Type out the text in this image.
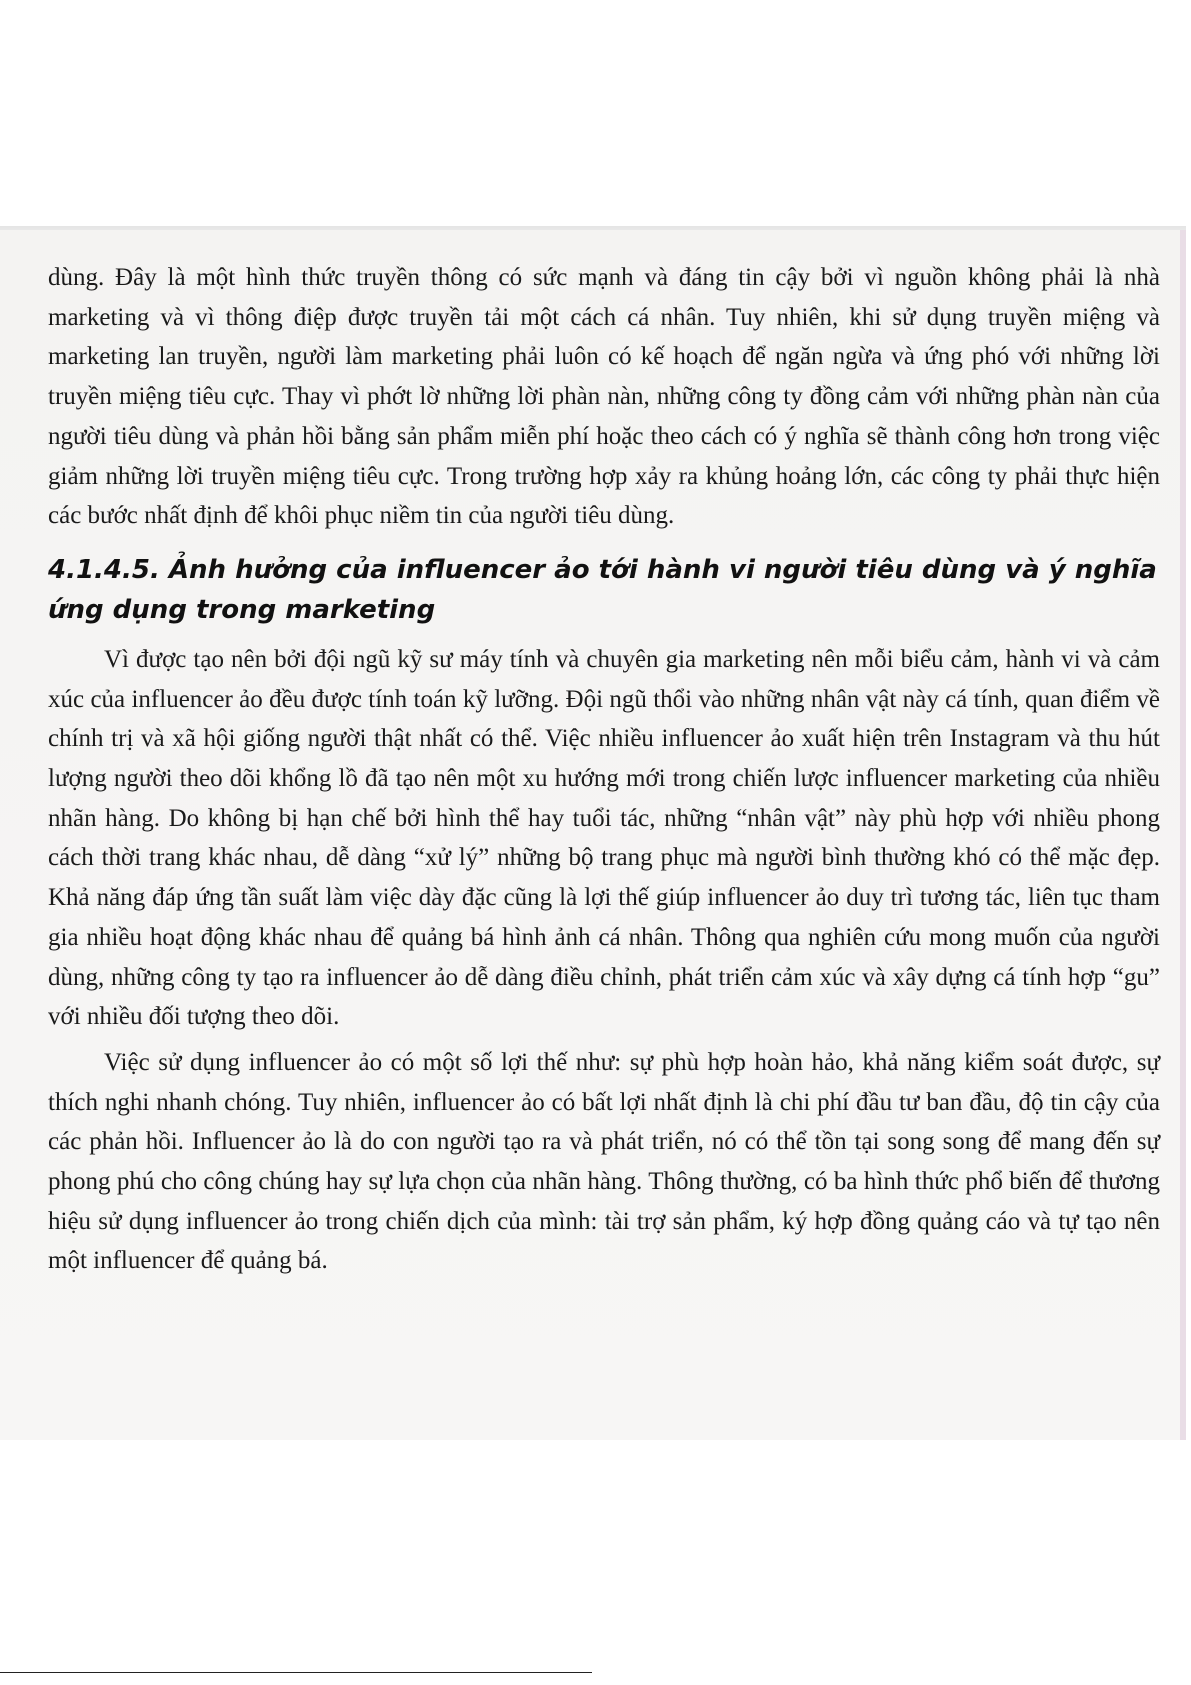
dùng. Đây là một hình thức truyền thông có sức mạnh và đáng tin cậy bởi vì nguồn không phải là nhà marketing và vì thông điệp được truyền tải một cách cá nhân. Tuy nhiên, khi sử dụng truyền miệng và marketing lan truyền, người làm marketing phải luôn có kế hoạch để ngăn ngừa và ứng phó với những lời truyền miệng tiêu cực. Thay vì phớt lờ những lời phàn nàn, những công ty đồng cảm với những phàn nàn của người tiêu dùng và phản hồi bằng sản phẩm miễn phí hoặc theo cách có ý nghĩa sẽ thành công hơn trong việc giảm những lời truyền miệng tiêu cực. Trong trường hợp xảy ra khủng hoảng lớn, các công ty phải thực hiện các bước nhất định để khôi phục niềm tin của người tiêu dùng.

4.1.4.5. Ảnh hưởng của influencer ảo tới hành vi người tiêu dùng và ý nghĩa ứng dụng trong marketing

Vì được tạo nên bởi đội ngũ kỹ sư máy tính và chuyên gia marketing nên mỗi biểu cảm, hành vi và cảm xúc của influencer ảo đều được tính toán kỹ lưỡng. Đội ngũ thổi vào những nhân vật này cá tính, quan điểm về chính trị và xã hội giống người thật nhất có thể. Việc nhiều influencer ảo xuất hiện trên Instagram và thu hút lượng người theo dõi khổng lồ đã tạo nên một xu hướng mới trong chiến lược influencer marketing của nhiều nhãn hàng. Do không bị hạn chế bởi hình thể hay tuổi tác, những “nhân vật” này phù hợp với nhiều phong cách thời trang khác nhau, dễ dàng “xử lý” những bộ trang phục mà người bình thường khó có thể mặc đẹp. Khả năng đáp ứng tần suất làm việc dày đặc cũng là lợi thế giúp influencer ảo duy trì tương tác, liên tục tham gia nhiều hoạt động khác nhau để quảng bá hình ảnh cá nhân. Thông qua nghiên cứu mong muốn của người dùng, những công ty tạo ra influencer ảo dễ dàng điều chỉnh, phát triển cảm xúc và xây dựng cá tính hợp “gu” với nhiều đối tượng theo dõi.

Việc sử dụng influencer ảo có một số lợi thế như: sự phù hợp hoàn hảo, khả năng kiểm soát được, sự thích nghi nhanh chóng. Tuy nhiên, influencer ảo có bất lợi nhất định là chi phí đầu tư ban đầu, độ tin cậy của các phản hồi. Influencer ảo là do con người tạo ra và phát triển, nó có thể tồn tại song song để mang đến sự phong phú cho công chúng hay sự lựa chọn của nhãn hàng. Thông thường, có ba hình thức phổ biến để thương hiệu sử dụng influencer ảo trong chiến dịch của mình: tài trợ sản phẩm, ký hợp đồng quảng cáo và tự tạo nên một influencer để quảng bá.
